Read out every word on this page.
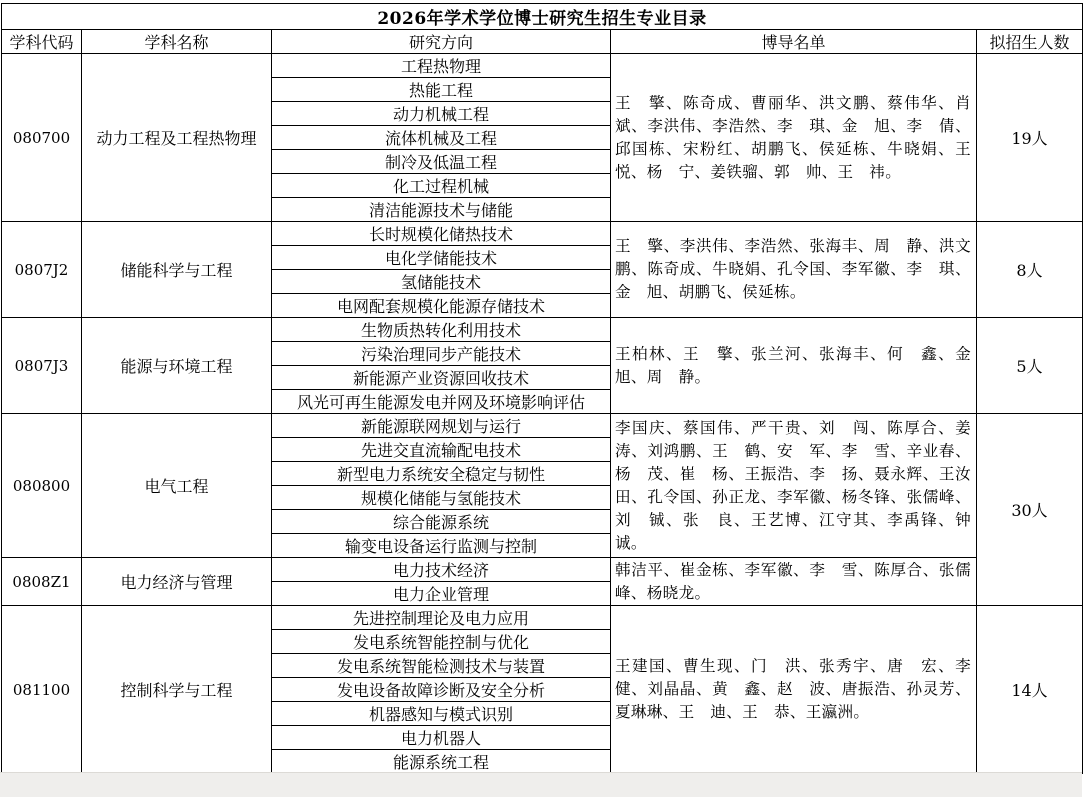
2026年学术学位博士研究生招生专业目录				
学科代码	学科名称	研究方向	博导名单	拟招生人数
080700	动力工程及工程热物理	工程热物理	王　擎、陈奇成、曹丽华、洪文鹏、蔡伟华、肖　斌、李洪伟、李浩然、李　琪、金　旭、李　倩、邱国栋、宋粉红、胡鹏飞、侯延栋、牛晓娟、王　悦、杨　宁、姜铁骝、郭　帅、王　祎。	19人
		热能工程		
		动力机械工程		
		流体机械及工程		
		制冷及低温工程		
		化工过程机械		
		清洁能源技术与储能		
0807J2	储能科学与工程	长时规模化储热技术	王　擎、李洪伟、李浩然、张海丰、周　静、洪文鹏、陈奇成、牛晓娟、孔令国、李军徽、李　琪、金　旭、胡鹏飞、侯延栋。	8人
		电化学储能技术		
		氢储能技术		
		电网配套规模化能源存储技术		
0807J3	能源与环境工程	生物质热转化利用技术	王柏林、王　擎、张兰河、张海丰、何　鑫、金　旭、周　静。	5人
		污染治理同步产能技术		
		新能源产业资源回收技术		
		风光可再生能源发电并网及环境影响评估		
080800	电气工程	新能源联网规划与运行	李国庆、蔡国伟、严干贵、刘　闯、陈厚合、姜　涛、刘鸿鹏、王　鹤、安　军、李　雪、辛业春、杨　茂、崔　杨、王振浩、李　扬、聂永辉、王汝田、孔令国、孙正龙、李军徽、杨冬锋、张儒峰、刘　铖、张　良、王艺博、江守其、李禹锋、钟　诚。	30人
		先进交直流输配电技术		
		新型电力系统安全稳定与韧性		
		规模化储能与氢能技术		
		综合能源系统		
		输变电设备运行监测与控制		
0808Z1	电力经济与管理	电力技术经济	韩洁平、崔金栋、李军徽、李　雪、陈厚合、张儒峰、杨晓龙。	
		电力企业管理		
081100	控制科学与工程	先进控制理论及电力应用	王建国、曹生现、门　洪、张秀宇、唐　宏、李　健、刘晶晶、黄　鑫、赵　波、唐振浩、孙灵芳、夏琳琳、王　迪、王　恭、王瀛洲。	14人
		发电系统智能控制与优化		
		发电系统智能检测技术与装置		
		发电设备故障诊断及安全分析		
		机器感知与模式识别		
		电力机器人		
		能源系统工程		
